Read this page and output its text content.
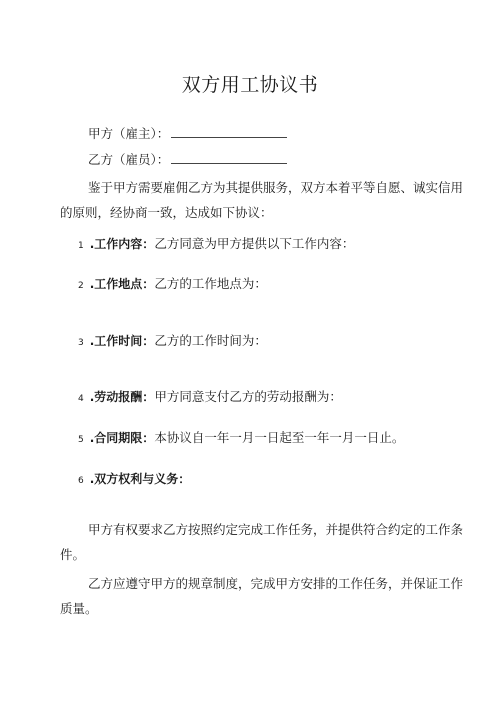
双方用工协议书
甲方（雇主）：
乙方（雇员）：
鉴于甲方需要雇佣乙方为其提供服务，双方本着平等自愿、诚实信用
的原则，经协商一致，达成如下协议：
1 .工作内容：乙方同意为甲方提供以下工作内容：
2 .工作地点：乙方的工作地点为：
3 .工作时间：乙方的工作时间为：
4 .劳动报酬：甲方同意支付乙方的劳动报酬为：
5 .合同期限：本协议自一年一月一日起至一年一月一日止。
6 .双方权利与义务：
甲方有权要求乙方按照约定完成工作任务，并提供符合约定的工作条
件。
乙方应遵守甲方的规章制度，完成甲方安排的工作任务，并保证工作
质量。
